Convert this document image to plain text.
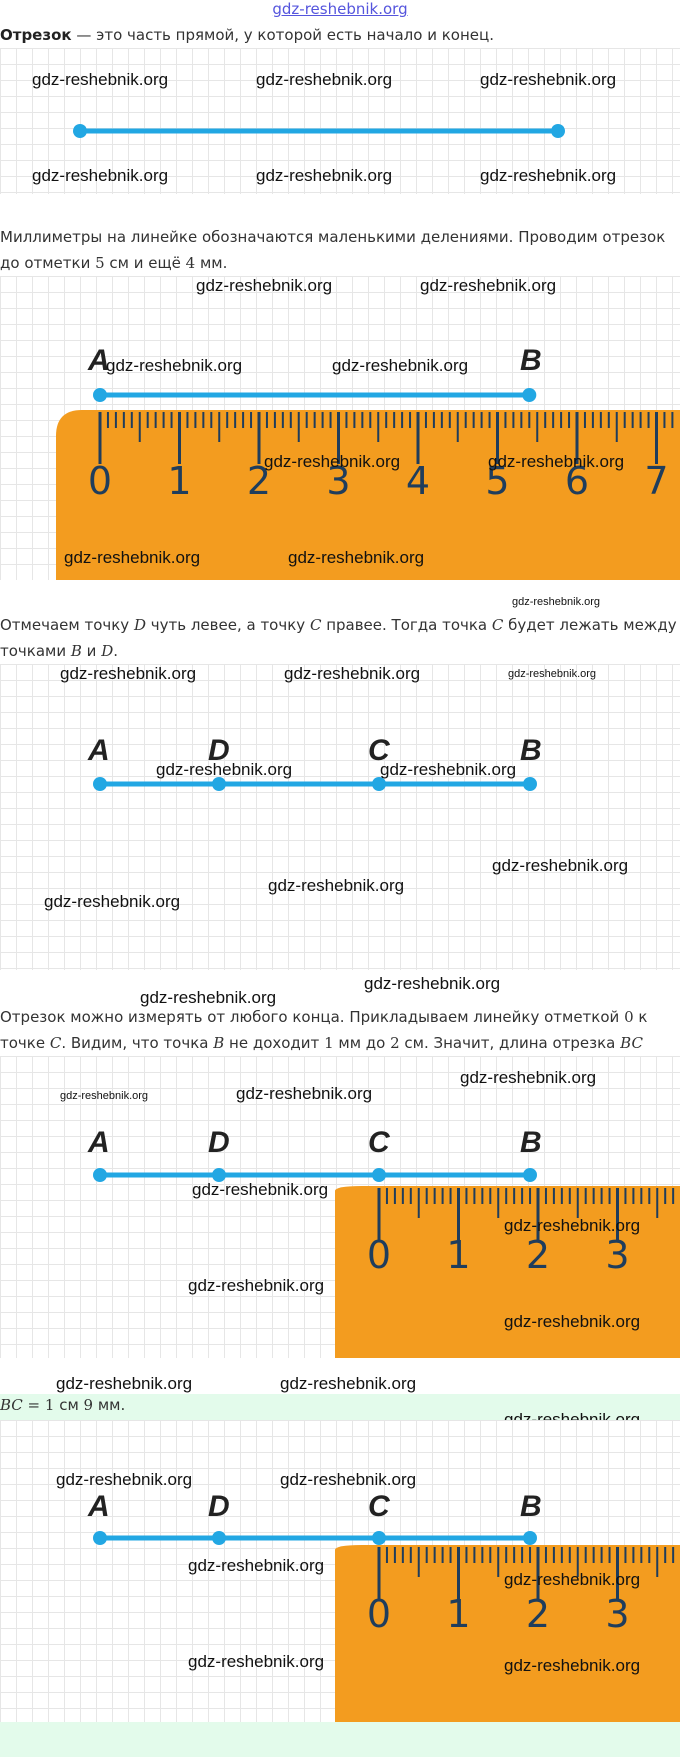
gdz-reshebnik.org

Отрезок — это часть прямой, у которой есть начало и конец.

gdz-reshebnik.org	gdz-reshebnik.org	gdz-reshebnik.org
gdz-reshebnik.org	gdz-reshebnik.org	gdz-reshebnik.org

Миллиметры на линейке обозначаются маленькими делениями. Проводим отрезок до отметки 5 см и ещё 4 мм.

0 1 2 3 4 5 6 7
A	B
gdz-reshebnik.org	gdz-reshebnik.org
gdz-reshebnik.org	gdz-reshebnik.org
gdz-reshebnik.org	gdz-reshebnik.org
gdz-reshebnik.org	gdz-reshebnik.org
gdz-reshebnik.org

Отмечаем точку D чуть левее, а точку C правее. Тогда точка C будет лежать между точками B и D.

A	D	C	B
gdz-reshebnik.org	gdz-reshebnik.org	gdz-reshebnik.org
gdz-reshebnik.org	gdz-reshebnik.org
gdz-reshebnik.org
gdz-reshebnik.org
gdz-reshebnik.org
gdz-reshebnik.org
gdz-reshebnik.org

Отрезок можно измерять от любого конца. Прикладываем линейку отметкой 0 к точке C. Видим, что точка B не доходит 1 мм до 2 см. Значит, длина отрезка BC

0 1 2 3
A	D	C	B
gdz-reshebnik.org
gdz-reshebnik.org	gdz-reshebnik.org
gdz-reshebnik.org
gdz-reshebnik.org
gdz-reshebnik.org
gdz-reshebnik.org
gdz-reshebnik.org	gdz-reshebnik.org
BC = 1 см 9 мм.
0 1 2 3
A	D	C	B
gdz-reshebnik.org	gdz-reshebnik.org
gdz-reshebnik.org
gdz-reshebnik.org
gdz-reshebnik.org	gdz-reshebnik.org
